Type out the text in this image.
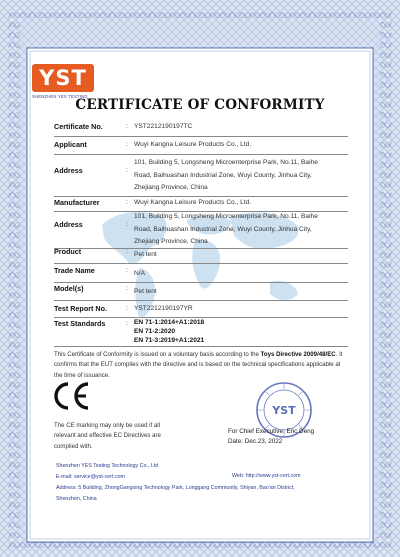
YST
SHENZHEN YES TESTING
CERTIFICATE OF CONFORMITY
Certificate No.	: YST2212190197TC
Applicant	: Wuyi Kangna Leisure Products Co., Ltd.
Address	:
101, Building 5, Longsheng Microenterprise Park, No.11, Baihe
Road, Baihuashan Industrial Zone, Wuyi County, Jinhua City,
Zhejiang Province, China
Manufacturer	: Wuyi Kangna Leisure Products Co., Ltd.
Address	:
101, Building 5, Longsheng Microenterprise Park, No.11, Baihe
Road, Baihuashan Industrial Zone, Wuyi County, Jinhua City,
Zhejiang Province, China
Product	: Pet tent
Trade Name	: N/A
Model(s)	: Pet tent
Test Report No.	: YST2212190197YR
Test Standards	: EN 71-1:2014+A1:2018
EN 71-2:2020
EN 71-3:2019+A1:2021
This Certificate of Conformity is issued on a voluntary basis according to the Toys Directive 2009/48/EC. It confirms that the EUT complies with the directive and is based on the technical specifications applicable at the time of issuance.
The CE marking may only be used if all
relevant and effective EC Directives are
complied with.
YST
For Chief Executive: Eric Deng
Date: Dec.23, 2022
Shenzhen YES Testing Technology Co., Ltd
E-mail: service@yst-cert.com	Web: http://www.yst-cert.com
Address: 5 Building, ZhongGangxing Technology Park, Longgang Community, Shiyan, Bao'an District,
Shenzhen, China
